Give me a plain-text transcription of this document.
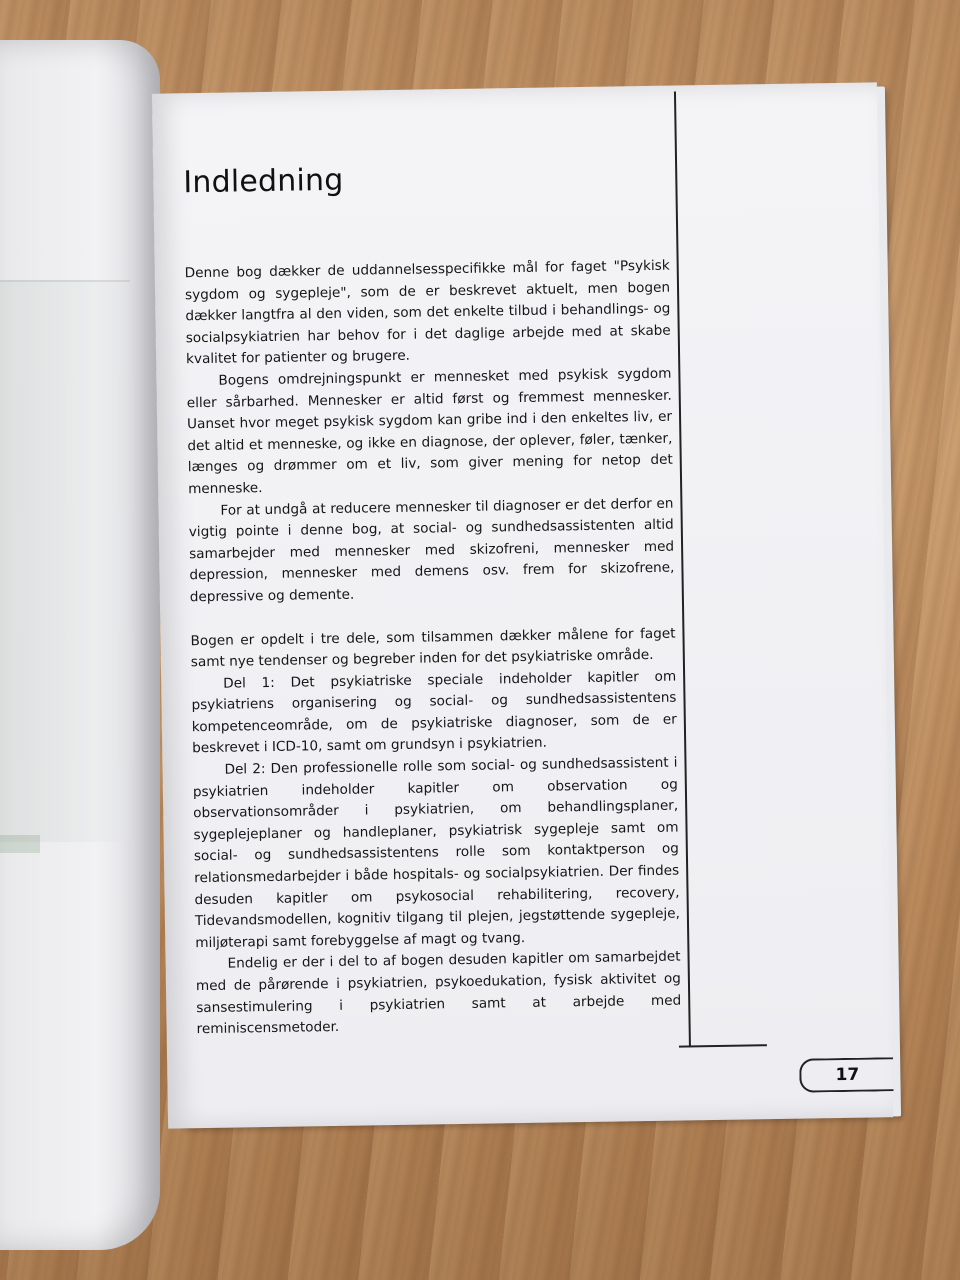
Indledning

Denne bog dækker de uddannelsesspecifikke mål for faget "Psykisk sygdom og sygepleje", som de er beskrevet aktuelt, men bogen dækker langtfra al den viden, som det enkelte tilbud i behandlings- og socialpsykiatrien har behov for i det daglige arbejde med at skabe kvalitet for patienter og brugere.

Bogens omdrejningspunkt er mennesket med psykisk sygdom eller sårbarhed. Mennesker er altid først og fremmest mennesker. Uanset hvor meget psykisk sygdom kan gribe ind i den enkeltes liv, er det altid et menneske, og ikke en diagnose, der oplever, føler, tænker, længes og drømmer om et liv, som giver mening for netop det menneske.

For at undgå at reducere mennesker til diagnoser er det derfor en vigtig pointe i denne bog, at social- og sundhedsassistenten altid samarbejder med mennesker med skizofreni, mennesker med depression, mennesker med demens osv. frem for skizofrene, depressive og demente.

Bogen er opdelt i tre dele, som tilsammen dækker målene for faget samt nye tendenser og begreber inden for det psykiatriske område.

Del 1: Det psykiatriske speciale indeholder kapitler om psykiatriens organisering og social- og sundhedsassistentens kompetenceområde, om de psykiatriske diagnoser, som de er beskrevet i ICD-10, samt om grundsyn i psykiatrien.

Del 2: Den professionelle rolle som social- og sundhedsassistent i psykiatrien indeholder kapitler om observation og observationsområder i psykiatrien, om behandlingsplaner, sygeplejeplaner og handleplaner, psykiatrisk sygepleje samt om social- og sundhedsassistentens rolle som kontaktperson og relationsmedarbejder i både hospitals- og socialpsykiatrien. Der findes desuden kapitler om psykosocial rehabilitering, recovery, Tidevandsmodellen, kognitiv tilgang til plejen, jegstøttende sygepleje, miljøterapi samt forebyggelse af magt og tvang.

Endelig er der i del to af bogen desuden kapitler om samarbejdet med de pårørende i psykiatrien, psykoedukation, fysisk aktivitet og sansestimulering i psykiatrien samt at arbejde med reminiscensmetoder.

17
